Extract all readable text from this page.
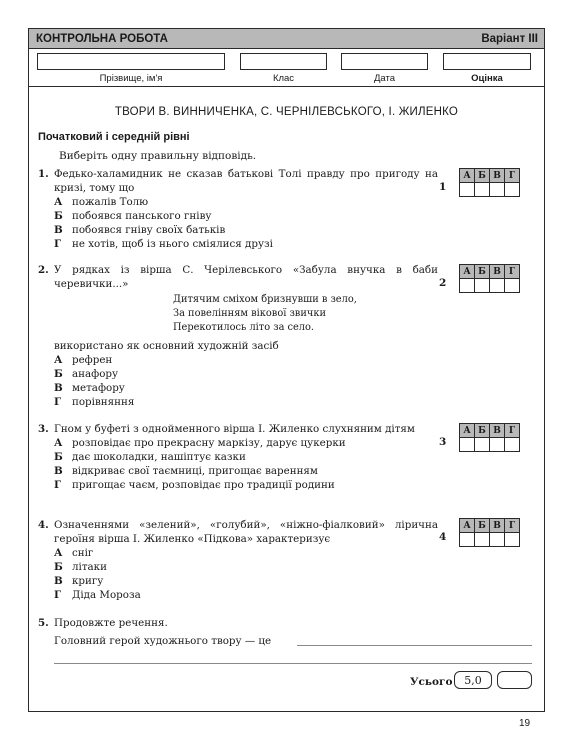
КОНТРОЛЬНА РОБОТА	Варіант III
Прізвище, ім'я	Клас	Дата	Оцінка
ТВОРИ В. ВИННИЧЕНКА, С. ЧЕРНІЛЕВСЬКОГО, І. ЖИЛЕНКО
Початковий і середній рівні
Виберіть одну правильну відповідь.
1. Федько-халамидник не сказав батькові Толі правду про пригоду на кризі, тому що
А пожалів Толю
Б побоявся панського гніву
В побоявся гніву своїх батьків
Г	не хотів, щоб із нього сміялися друзі
1
А	Б	В	Г

2. У рядках із вірша С. Черілевського «Забула внучка в баби черевички...»
Дитячим сміхом бризнувши в зело,
За повелінням вікової звички
Перекотилось літо за село.
використано як основний художній засіб
А рефрен
Б анафору
В метафору
Г	порівняння
2
А	Б	В	Г

3. Гном у буфеті з однойменного вірша І. Жиленко слухняним дітям
А розповідає про прекрасну маркізу, дарує цукерки
Б дає шоколадки, нашіптує казки
В відкриває свої таємниці, пригощає варенням
Г	пригощає чаєм, розповідає про традиції родини
3
А	Б	В	Г

4. Означеннями «зелений», «голубий», «ніжно-фіалковий» ліричнa героїня вірша І. Жиленко «Підкова» характеризує
А сніг
Б літаки
В кригу
Г	Діда Мороза
4
А	Б	В	Г

5. Продовжте речення.
Головний герой художнього твору — це
Усього	5,0
19
